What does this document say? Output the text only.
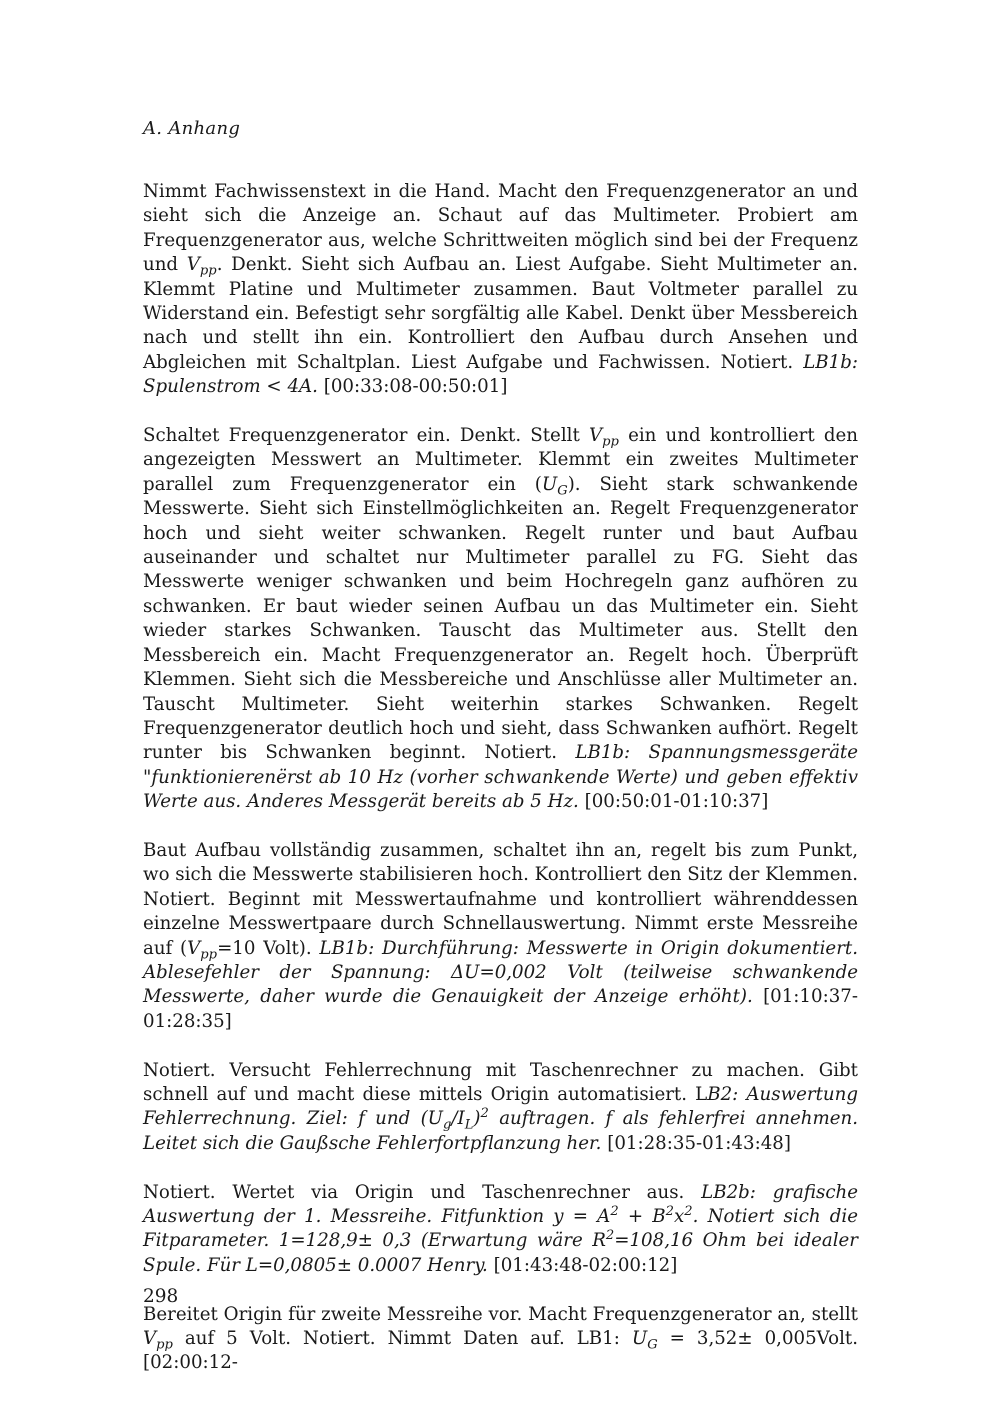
A. Anhang

Nimmt Fachwissenstext in die Hand. Macht den Frequenzgenerator an und sieht sich die Anzeige an. Schaut auf das Multimeter. Probiert am Frequenzgenerator aus, welche Schrittweiten möglich sind bei der Frequenz und $V_{pp}$. Denkt. Sieht sich Aufbau an. Liest Aufgabe. Sieht Multimeter an. Klemmt Platine und Multimeter zusammen. Baut Voltmeter parallel zu Widerstand ein. Befestigt sehr sorgfältig alle Kabel. Denkt über Messbereich nach und stellt ihn ein. Kontrolliert den Aufbau durch Ansehen und Abgleichen mit Schaltplan. Liest Aufgabe und Fachwissen. Notiert. LB1b: Spulenstrom < 4A. [00:33:08-00:50:01]

Schaltet Frequenzgenerator ein. Denkt. Stellt $V_{pp}$ ein und kontrolliert den angezeigten Messwert an Multimeter. Klemmt ein zweites Multimeter parallel zum Frequenzgenerator ein $(U_G)$. Sieht stark schwankende Messwerte. Sieht sich Einstellmöglichkeiten an. Regelt Frequenzgenerator hoch und sieht weiter schwanken. Regelt runter und baut Aufbau auseinander und schaltet nur Multimeter parallel zu FG. Sieht das Messwerte weniger schwanken und beim Hochregeln ganz aufhören zu schwanken. Er baut wieder seinen Aufbau un das Multimeter ein. Sieht wieder starkes Schwanken. Tauscht das Multimeter aus. Stellt den Messbereich ein. Macht Frequenzgenerator an. Regelt hoch. Überprüft Klemmen. Sieht sich die Messbereiche und Anschlüsse aller Multimeter an. Tauscht Multimeter. Sieht weiterhin starkes Schwanken. Regelt Frequenzgenerator deutlich hoch und sieht, dass Schwanken aufhört. Regelt runter bis Schwanken beginnt. Notiert. LB1b: Spannungsmessgeräte "funktionierenërst ab 10 Hz (vorher schwankende Werte) und geben effektiv Werte aus. Anderes Messgerät bereits ab 5 Hz. [00:50:01-01:10:37]

Baut Aufbau vollständig zusammen, schaltet ihn an, regelt bis zum Punkt, wo sich die Messwerte stabilisieren hoch. Kontrolliert den Sitz der Klemmen. Notiert. Beginnt mit Messwertaufnahme und kontrolliert währenddessen einzelne Messwertpaare durch Schnellauswertung. Nimmt erste Messreihe auf ($V_{pp}=10$ Volt). LB1b: Durchführung: Messwerte in Origin dokumentiert. Ablesefehler der Spannung: ΔU=0,002 Volt (teilweise schwankende Messwerte, daher wurde die Genauigkeit der Anzeige erhöht). [01:10:37-01:28:35]

Notiert. Versucht Fehlerrechnung mit Taschenrechner zu machen. Gibt schnell auf und macht diese mittels Origin automatisiert. LB2: Auswertung Fehlerrechnung. Ziel: f und $(U_g/I_L)^2$ auftragen. f als fehlerfrei annehmen. Leitet sich die Gaußsche Fehlerfortpflanzung her. [01:28:35-01:43:48]

Notiert. Wertet via Origin und Taschenrechner aus. LB2b: grafische Auswertung der 1. Messreihe. Fitfunktion $y = A^2 + B^2x^2$. Notiert sich die Fitparameter. 1=128,9± 0,3 (Erwartung wäre $R^2=108,16$ Ohm bei idealer Spule. Für L=0,0805± 0.0007 Henry. [01:43:48-02:00:12]

Bereitet Origin für zweite Messreihe vor. Macht Frequenzgenerator an, stellt $V_{pp}$ auf 5 Volt. Notiert. Nimmt Daten auf. LB1: $U_G = 3,52\pm$ 0,005Volt. [02:00:12-

298
